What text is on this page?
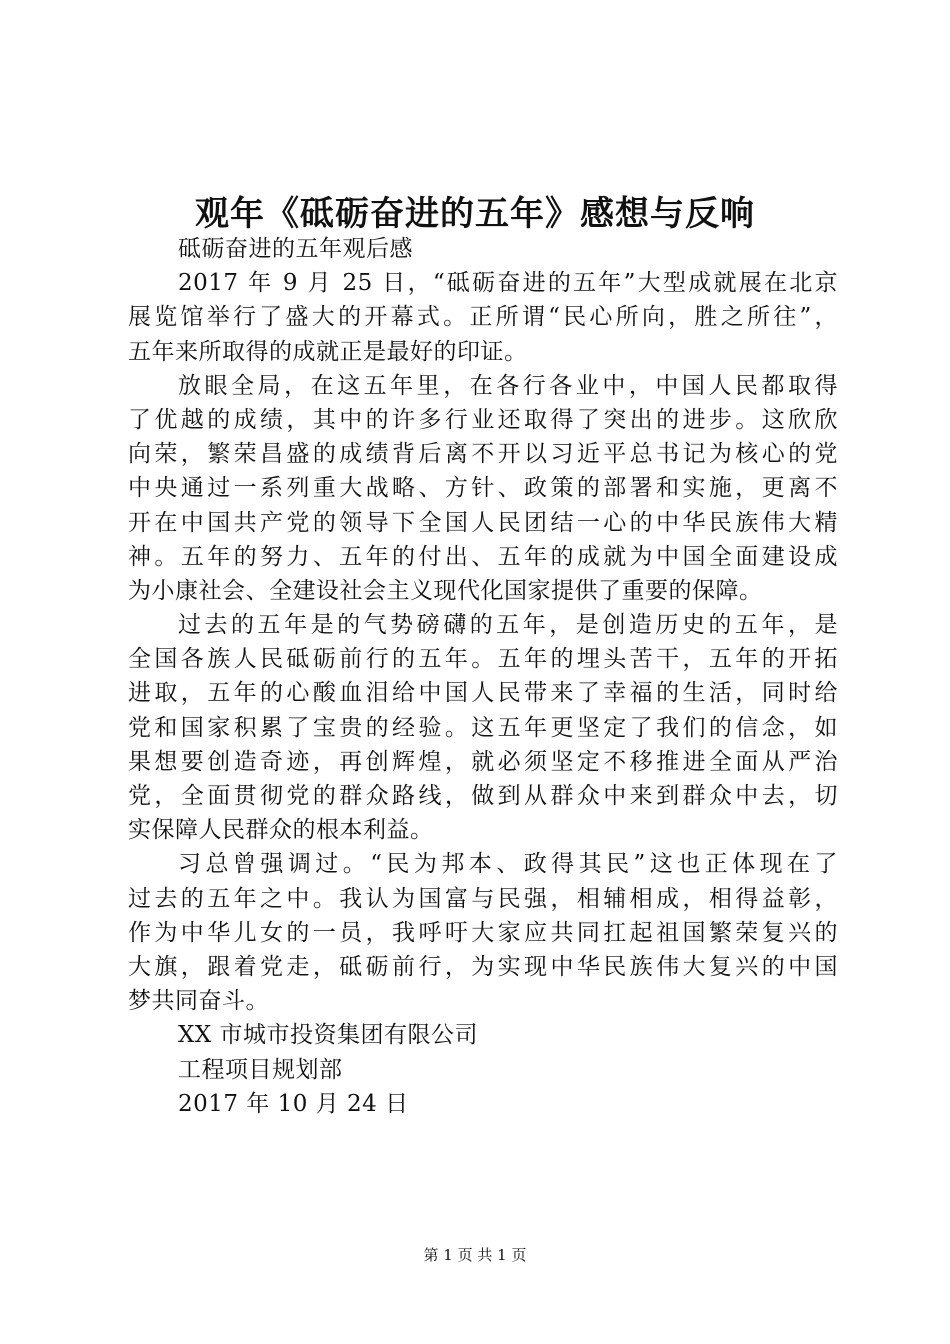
观年《砥砺奋进的五年》感想与反响
砥砺奋进的五年观后感
2017 年 9 月 25 日，“砥砺奋进的五年”大型成就展在北京
展览馆举行了盛大的开幕式。正所谓“民心所向，胜之所往”，
五年来所取得的成就正是最好的印证。
放眼全局，在这五年里，在各行各业中，中国人民都取得
了优越的成绩，其中的许多行业还取得了突出的进步。这欣欣
向荣，繁荣昌盛的成绩背后离不开以习近平总书记为核心的党
中央通过一系列重大战略、方针、政策的部署和实施，更离不
开在中国共产党的领导下全国人民团结一心的中华民族伟大精
神。五年的努力、五年的付出、五年的成就为中国全面建设成
为小康社会、全建设社会主义现代化国家提供了重要的保障。
过去的五年是的气势磅礴的五年，是创造历史的五年，是
全国各族人民砥砺前行的五年。五年的埋头苦干，五年的开拓
进取，五年的心酸血泪给中国人民带来了幸福的生活，同时给
党和国家积累了宝贵的经验。这五年更坚定了我们的信念，如
果想要创造奇迹，再创辉煌，就必须坚定不移推进全面从严治
党，全面贯彻党的群众路线，做到从群众中来到群众中去，切
实保障人民群众的根本利益。
习总曾强调过。“民为邦本、政得其民”这也正体现在了
过去的五年之中。我认为国富与民强，相辅相成，相得益彰，
作为中华儿女的一员，我呼吁大家应共同扛起祖国繁荣复兴的
大旗，跟着党走，砥砺前行，为实现中华民族伟大复兴的中国
梦共同奋斗。
XX 市城市投资集团有限公司
工程项目规划部
2017 年 10 月 24 日
第 1 页 共 1 页
